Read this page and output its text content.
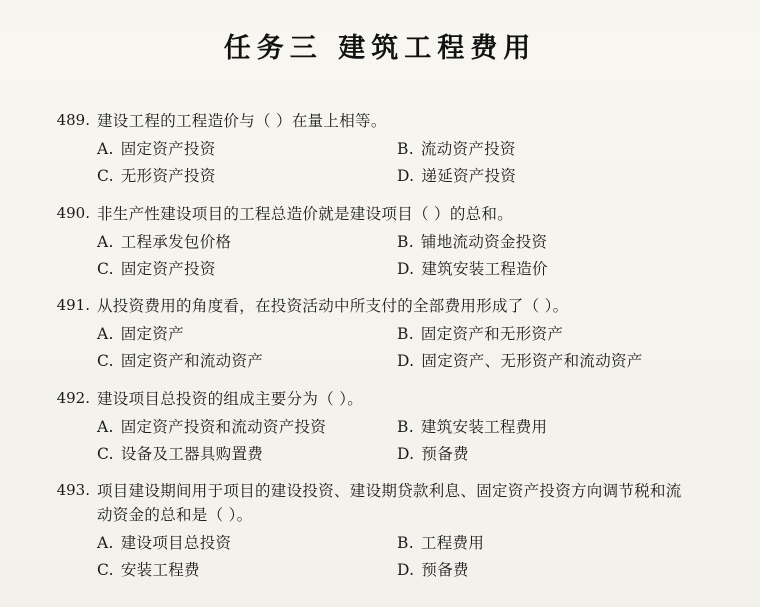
任务三 建筑工程费用
489. 建设工程的工程造价与（ ）在量上相等。
A. 固定资产投资	B. 流动资产投资
C. 无形资产投资	D. 递延资产投资
490. 非生产性建设项目的工程总造价就是建设项目（ ）的总和。
A. 工程承发包价格	B. 铺地流动资金投资
C. 固定资产投资	D. 建筑安装工程造价
491. 从投资费用的角度看，在投资活动中所支付的全部费用形成了（ ）。
A. 固定资产	B. 固定资产和无形资产
C. 固定资产和流动资产	D. 固定资产、无形资产和流动资产
492. 建设项目总投资的组成主要分为（ ）。
A. 固定资产投资和流动资产投资	B. 建筑安装工程费用
C. 设备及工器具购置费	D. 预备费
493. 项目建设期间用于项目的建设投资、建设期贷款利息、固定资产投资方向调节税和流
动资金的总和是（ ）。
A. 建设项目总投资	B. 工程费用
C. 安装工程费	D. 预备费
